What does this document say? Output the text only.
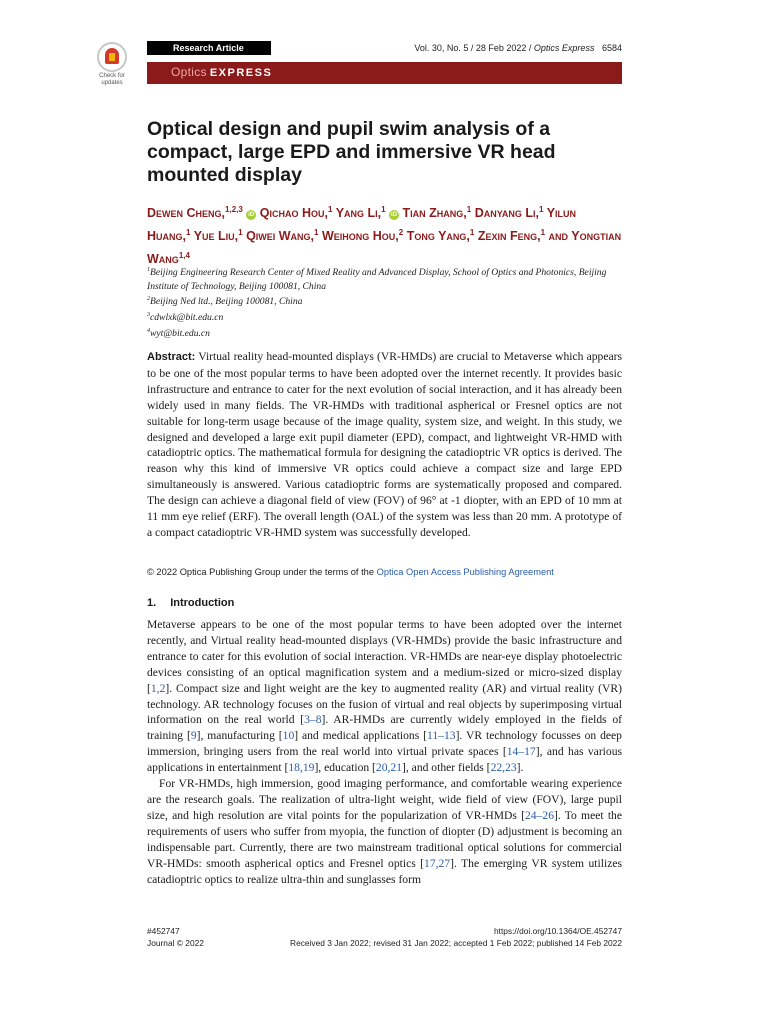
Check for
updates
Research Article	Vol. 30, No. 5 / 28 Feb 2022 / Optics Express 6584
Optics EXPRESS
Optical design and pupil swim analysis of a compact, large EPD and immersive VR head mounted display
Dewen Cheng,$^{1,2,3}$ iD Qichao Hou,$^1$ Yang Li,$^1$ iD Tian Zhang,$^1$ Danyang Li,$^1$ Yilun Huang,$^1$ Yue Liu,$^1$ Qiwei Wang,$^1$ Weihong Hou,$^2$ Tong Yang,$^1$ Zexin Feng,$^1$ and Yongtian Wang$^{1,4}$
$^1$Beijing Engineering Research Center of Mixed Reality and Advanced Display, School of Optics and Photonics, Beijing Institute of Technology, Beijing 100081, China
$^2$Beijing Ned ltd., Beijing 100081, China
$^3$cdwlxk@bit.edu.cn
$^4$wyt@bit.edu.cn
Abstract: Virtual reality head-mounted displays (VR-HMDs) are crucial to Metaverse which appears to be one of the most popular terms to have been adopted over the internet recently. It provides basic infrastructure and entrance to cater for the next evolution of social interaction, and it has already been widely used in many fields. The VR-HMDs with traditional aspherical or Fresnel optics are not suitable for long-term usage because of the image quality, system size, and weight. In this study, we designed and developed a large exit pupil diameter (EPD), compact, and lightweight VR-HMD with catadioptric optics. The mathematical formula for designing the catadioptric VR optics is derived. The reason why this kind of immersive VR optics could achieve a compact size and large EPD simultaneously is answered. Various catadioptric forms are systematically proposed and compared. The design can achieve a diagonal field of view (FOV) of 96° at -1 diopter, with an EPD of 10 mm at 11 mm eye relief (ERF). The overall length (OAL) of the system was less than 20 mm. A prototype of a compact catadioptric VR-HMD system was successfully developed.
© 2022 Optica Publishing Group under the terms of the Optica Open Access Publishing Agreement
1. Introduction

Metaverse appears to be one of the most popular terms to have been adopted over the internet recently, and Virtual reality head-mounted displays (VR-HMDs) provide the basic infrastructure and entrance to cater for this evolution of social interaction. VR-HMDs are near-eye display photoelectric devices consisting of an optical magnification system and a medium-sized or micro-sized display [1,2]. Compact size and light weight are the key to augmented reality (AR) and virtual reality (VR) technology. AR technology focuses on the fusion of virtual and real objects by superimposing virtual information on the real world [3–8]. AR-HMDs are currently widely employed in the fields of training [9], manufacturing [10] and medical applications [11–13]. VR technology focusses on deep immersion, bringing users from the real world into virtual private spaces [14–17], and has various applications in entertainment [18,19], education [20,21], and other fields [22,23].

For VR-HMDs, high immersion, good imaging performance, and comfortable wearing experience are the research goals. The realization of ultra-light weight, wide field of view (FOV), large pupil size, and high resolution are vital points for the popularization of VR-HMDs [24–26]. To meet the requirements of users who suffer from myopia, the function of diopter (D) adjustment is becoming an indispensable part. Currently, there are two mainstream traditional optical solutions for commercial VR-HMDs: smooth aspherical optics and Fresnel optics [17,27]. The emerging VR system utilizes catadioptric optics to realize ultra-thin and sunglasses form

#452747
Journal © 2022
https://doi.org/10.1364/OE.452747
Received 3 Jan 2022; revised 31 Jan 2022; accepted 1 Feb 2022; published 14 Feb 2022
